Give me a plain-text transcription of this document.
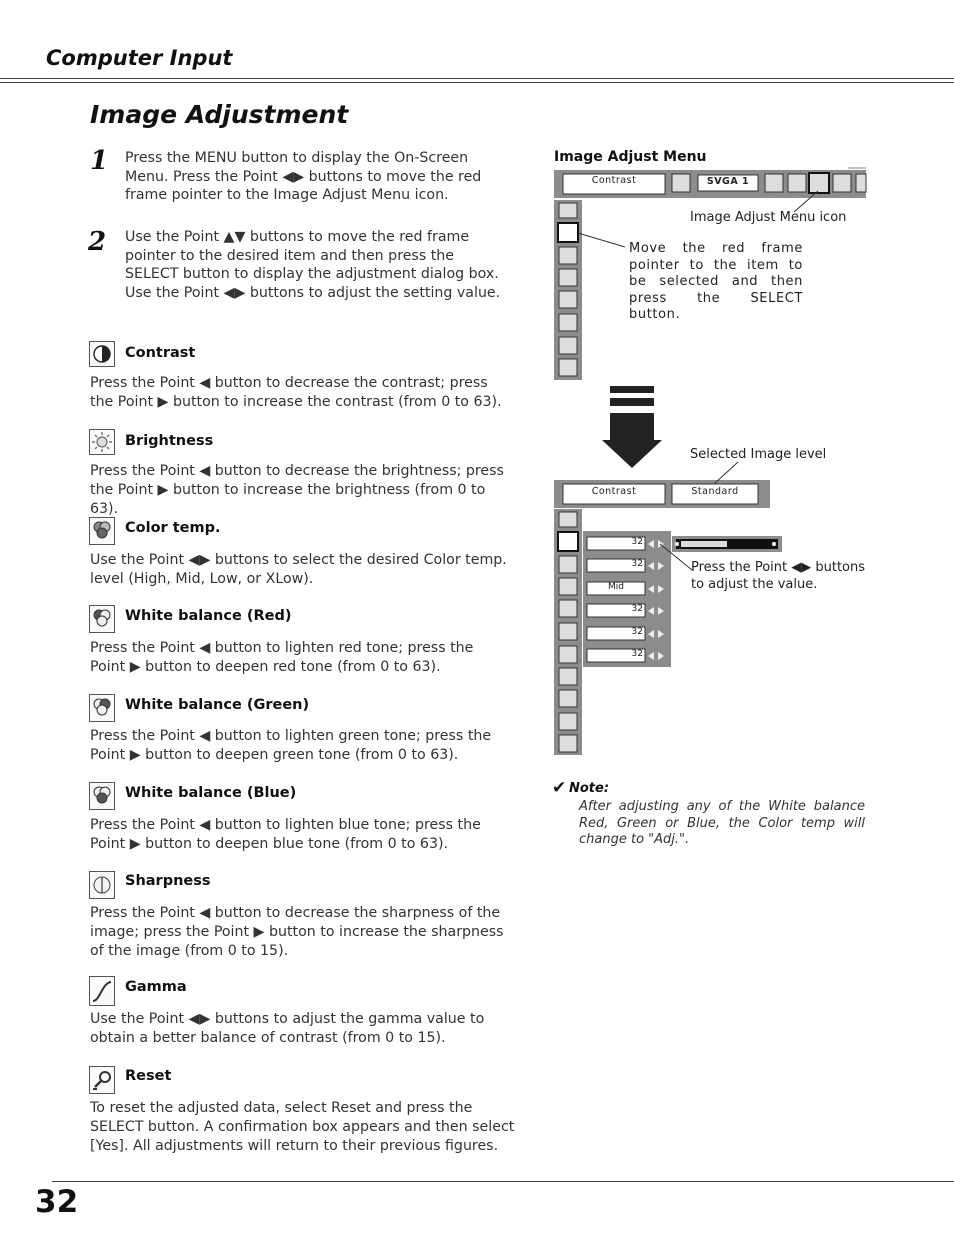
Computer Input
Image Adjustment
1 Press the MENU button to display the On-Screen Menu. Press the Point ◀▶ buttons to move the red frame pointer to the Image Adjust Menu icon.
2 Use the Point ▲▼ buttons to move the red frame pointer to the desired item and then press the SELECT button to display the adjustment dialog box. Use the Point ◀▶ buttons to adjust the setting value.
Contrast
Press the Point ◀ button to decrease the contrast; press the Point ▶ button to increase the contrast (from 0 to 63).
Brightness
Press the Point ◀ button to decrease the brightness; press the Point ▶ button to increase the brightness (from 0 to 63).
Color temp.
Use the Point ◀▶ buttons to select the desired Color temp. level (High, Mid, Low, or XLow).
White balance (Red)
Press the Point ◀ button to lighten red tone; press the Point ▶ button to deepen red tone (from 0 to 63).
White balance (Green)
Press the Point ◀ button to lighten green tone; press the Point ▶ button to deepen green tone (from 0 to 63).
White balance (Blue)
Press the Point ◀ button to lighten blue tone; press the Point ▶ button to deepen blue tone (from 0 to 63).
Sharpness
Press the Point ◀ button to decrease the sharpness of the image; press the Point ▶ button to increase the sharpness of the image (from 0 to 15).
Gamma
Use the Point ◀▶ buttons to adjust the gamma value to obtain a better balance of contrast (from 0 to 15).
Reset
To reset the adjusted data, select Reset and press the SELECT button. A confirmation box appears and then select [Yes]. All adjustments will return to their previous figures.
Image Adjust Menu
Contrast	SVGA 1
Image Adjust Menu icon
Move the red frame pointer to the item to be selected and then press the SELECT button.
Selected Image level
Contrast	Standard
32
32
Mid
32
32
32
Press the Point ◀▶ buttons to adjust the value.
✔ Note:
After adjusting any of the White balance Red, Green or Blue, the Color temp will change to "Adj.".
32
